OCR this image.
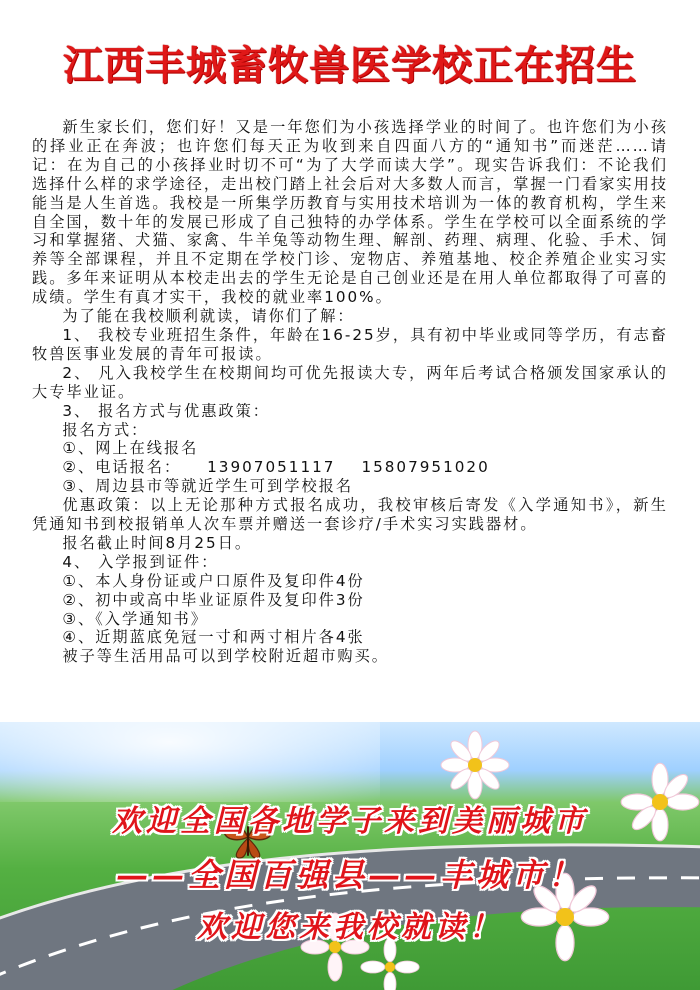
江西丰城畜牧兽医学校正在招生

新生家长们，您们好！又是一年您们为小孩选择学业的时间了。也许您们为小孩的择业正在奔波；也许您们每天正为收到来自四面八方的“通知书”而迷茫……请记：在为自己的小孩择业时切不可“为了大学而读大学”。现实告诉我们：不论我们选择什么样的求学途径，走出校门踏上社会后对大多数人而言，掌握一门看家实用技能当是人生首选。我校是一所集学历教育与实用技术培训为一体的教育机构，学生来自全国，数十年的发展已形成了自己独特的办学体系。学生在学校可以全面系统的学习和掌握猪、犬猫、家禽、牛羊兔等动物生理、解剖、药理、病理、化验、手术、饲养等全部课程，并且不定期在学校门诊、宠物店、养殖基地、校企养殖企业实习实践。多年来证明从本校走出去的学生无论是自己创业还是在用人单位都取得了可喜的成绩。学生有真才实干，我校的就业率100%。

为了能在我校顺利就读，请你们了解：

1、 我校专业班招生条件，年龄在16-25岁，具有初中毕业或同等学历，有志畜牧兽医事业发展的青年可报读。

2、 凡入我校学生在校期间均可优先报读大专，两年后考试合格颁发国家承认的大专毕业证。

3、 报名方式与优惠政策：

报名方式：

①、网上在线报名

②、电话报名： 13907051117 15807951020

③、周边县市等就近学生可到学校报名

优惠政策：以上无论那种方式报名成功，我校审核后寄发《入学通知书》，新生凭通知书到校报销单人次车票并赠送一套诊疗/手术实习实践器材。

报名截止时间8月25日。

4、 入学报到证件：

①、本人身份证或户口原件及复印件4份

②、初中或高中毕业证原件及复印件3份

③、《入学通知书》

④、近期蓝底免冠一寸和两寸相片各4张

被子等生活用品可以到学校附近超市购买。

欢迎全国各地学子来到美丽城市
——全国百强县——丰城市！
欢迎您来我校就读！
